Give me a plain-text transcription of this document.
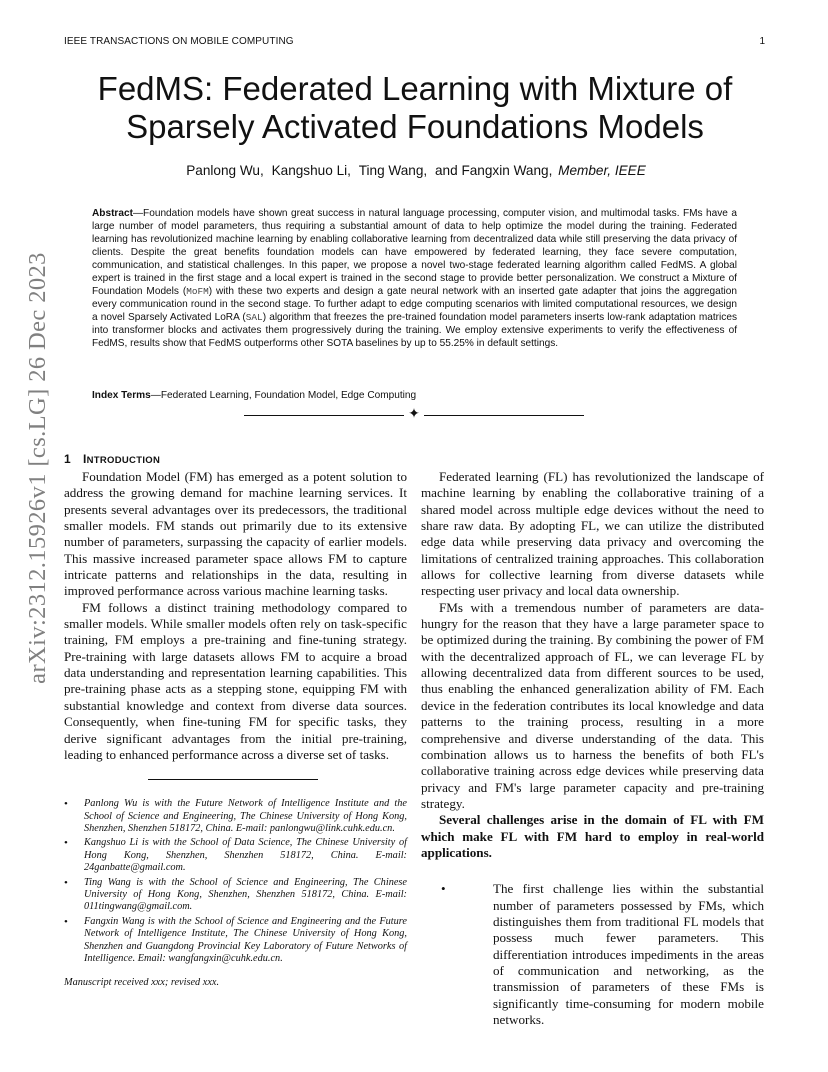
IEEE TRANSACTIONS ON MOBILE COMPUTING	1
arXiv:2312.15926v1 [cs.LG] 26 Dec 2023
FedMS: Federated Learning with Mixture of Sparsely Activated Foundations Models
Panlong Wu, Kangshuo Li, Ting Wang, and Fangxin Wang, Member, IEEE

Abstract—Foundation models have shown great success in natural language processing, computer vision, and multimodal tasks. FMs have a large number of model parameters, thus requiring a substantial amount of data to help optimize the model during the training. Federated learning has revolutionized machine learning by enabling collaborative learning from decentralized data while still preserving the data privacy of clients. Despite the great benefits foundation models can have empowered by federated learning, they face severe computation, communication, and statistical challenges. In this paper, we propose a novel two-stage federated learning algorithm called FedMS. A global expert is trained in the first stage and a local expert is trained in the second stage to provide better personalization. We construct a Mixture of Foundation Models (MoFM) with these two experts and design a gate neural network with an inserted gate adapter that joins the aggregation every communication round in the second stage. To further adapt to edge computing scenarios with limited computational resources, we design a novel Sparsely Activated LoRA (SAL) algorithm that freezes the pre-trained foundation model parameters inserts low-rank adaptation matrices into transformer blocks and activates them progressively during the training. We employ extensive experiments to verify the effectiveness of FedMS, results show that FedMS outperforms other SOTA baselines by up to 55.25% in default settings.

Index Terms—Federated Learning, Foundation Model, Edge Computing

✦
1 INTRODUCTION

Foundation Model (FM) has emerged as a potent solution to address the growing demand for machine learning services. It presents several advantages over its predecessors, the traditional smaller models. FM stands out primarily due to its extensive number of parameters, surpassing the capacity of earlier models. This massive increased parameter space allows FM to capture intricate patterns and relationships in the data, resulting in improved performance across various machine learning tasks.

FM follows a distinct training methodology compared to smaller models. While smaller models often rely on task-specific training, FM employs a pre-training and fine-tuning strategy. Pre-training with large datasets allows FM to acquire a broad data understanding and representation learning capabilities. This pre-training phase acts as a stepping stone, equipping FM with substantial knowledge and context from diverse data sources. Consequently, when fine-tuning FM for specific tasks, they derive significant advantages from the initial pre-training, leading to enhanced performance across a diverse set of tasks.

• Panlong Wu is with the Future Network of Intelligence Institute and the School of Science and Engineering, The Chinese University of Hong Kong, Shenzhen, Shenzhen 518172, China. E-mail: panlongwu@link.cuhk.edu.cn.
• Kangshuo Li is with the School of Data Science, The Chinese University of Hong Kong, Shenzhen, Shenzhen 518172, China. E-mail: 24ganbatte@gmail.com.
• Ting Wang is with the School of Science and Engineering, The Chinese University of Hong Kong, Shenzhen, Shenzhen 518172, China. E-mail: 011tingwang@gmail.com.
• Fangxin Wang is with the School of Science and Engineering and the Future Network of Intelligence Institute, The Chinese University of Hong Kong, Shenzhen and Guangdong Provincial Key Laboratory of Future Networks of Intelligence. Email: wangfangxin@cuhk.edu.cn.
Manuscript received xxx; revised xxx.

Federated learning (FL) has revolutionized the landscape of machine learning by enabling the collaborative training of a shared model across multiple edge devices without the need to share raw data. By adopting FL, we can utilize the distributed edge data while preserving data privacy and overcoming the limitations of centralized training approaches. This collaboration allows for collective learning from diverse datasets while respecting user privacy and local data ownership.

FMs with a tremendous number of parameters are data-hungry for the reason that they have a large parameter space to be optimized during the training. By combining the power of FM with the decentralized approach of FL, we can leverage FL by allowing decentralized data from different sources to be used, thus enabling the enhanced generalization ability of FM. Each device in the federation contributes its local knowledge and data patterns to the training process, resulting in a more comprehensive and diverse understanding of the data. This combination allows us to harness the benefits of both FL's collaborative training across edge devices while preserving data privacy and FM's large parameter capacity and pre-training strategy.

Several challenges arise in the domain of FL with FM which make FL with FM hard to employ in real-world applications.

• The first challenge lies within the substantial number of parameters possessed by FMs, which distinguishes them from traditional FL models that possess much fewer parameters. This differentiation introduces impediments in the areas of communication and networking, as the transmission of parameters of these FMs is significantly time-consuming for modern mobile networks.
